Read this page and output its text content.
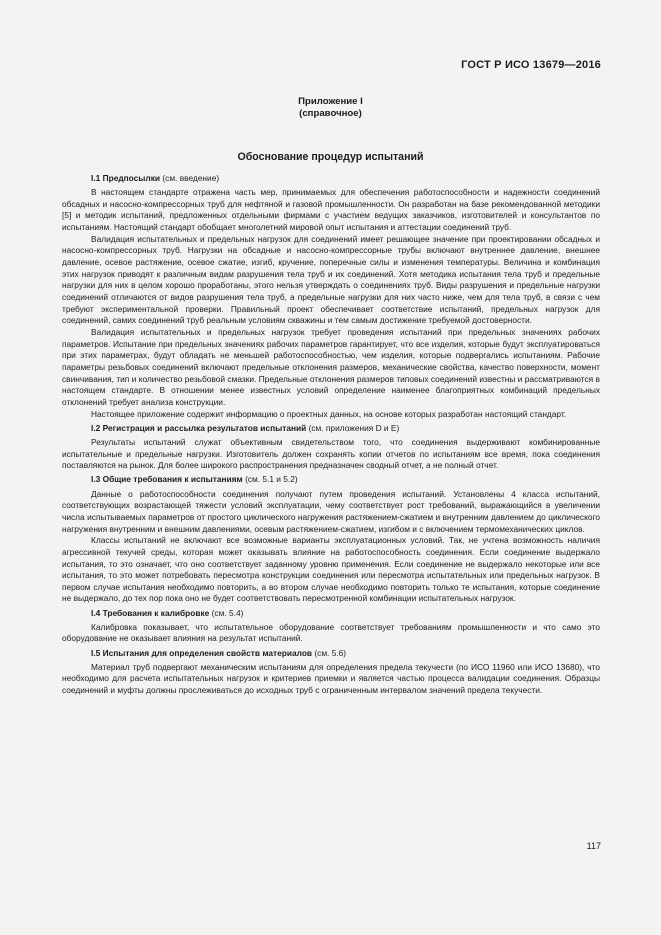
ГОСТ Р ИСО 13679—2016
Приложение I
(справочное)
Обоснование процедур испытаний
I.1 Предпосылки (см. введение)

В настоящем стандарте отражена часть мер, принимаемых для обеспечения работоспособности и надежности соединений обсадных и насосно-компрессорных труб для нефтяной и газовой промышленности. Он разработан на базе рекомендованной методики [5] и методик испытаний, предложенных отдельными фирмами с участием ведущих заказчиков, изготовителей и консультантов по испытаниям. Настоящий стандарт обобщает многолетний мировой опыт испытания и аттестации соединений труб.

Валидация испытательных и предельных нагрузок для соединений имеет решающее значение при проектировании обсадных и насосно-компрессорных труб. Нагрузки на обсадные и насосно-компрессорные трубы включают внутреннее давление, внешнее давление, осевое растяжение, осевое сжатие, изгиб, кручение, поперечные силы и изменения температуры. Величина и комбинация этих нагрузок приводят к различным видам разрушения тела труб и их соединений. Хотя методика испытания тела труб и предельные нагрузки для них в целом хорошо проработаны, этого нельзя утверждать о соединениях труб. Виды разрушения и предельные нагрузки соединений отличаются от видов разрушения тела труб, а предельные нагрузки для них часто ниже, чем для тела труб, в связи с чем требуют экспериментальной проверки. Правильный проект обеспечивает соответствие испытаний, предельных нагрузок для соединений, самих соединений труб реальным условиям скважины и тем самым достижение требуемой достоверности.

Валидация испытательных и предельных нагрузок требует проведения испытаний при предельных значениях рабочих параметров. Испытание при предельных значениях рабочих параметров гарантирует, что все изделия, которые будут эксплуатироваться при этих параметрах, будут обладать не меньшей работоспособностью, чем изделия, которые подвергались испытаниям. Рабочие параметры резьбовых соединений включают предельные отклонения размеров, механические свойства, качество поверхности, момент свинчивания, тип и количество резьбовой смазки. Предельные отклонения размеров типовых соединений известны и рассматриваются в настоящем стандарте. В отношении менее известных условий определение наименее благоприятных комбинаций предельных отклонений требует анализа конструкции.

Настоящее приложение содержит информацию о проектных данных, на основе которых разработан настоящий стандарт.

I.2 Регистрация и рассылка результатов испытаний (см. приложения D и E)

Результаты испытаний служат объективным свидетельством того, что соединения выдерживают комбинированные испытательные и предельные нагрузки. Изготовитель должен сохранять копии отчетов по испытаниям все время, пока соединения поставляются на рынок. Для более широкого распространения предназначен сводный отчет, а не полный отчет.

I.3 Общие требования к испытаниям (см. 5.1 и 5.2)

Данные о работоспособности соединения получают путем проведения испытаний. Установлены 4 класса испытаний, соответствующих возрастающей тяжести условий эксплуатации, чему соответствует рост требований, выражающийся в увеличении числа испытываемых параметров от простого циклического нагружения растяжением-сжатием и внутренним давлением до циклического нагружения внутренним и внешним давлениями, осевым растяжением-сжатием, изгибом и с включением термомеханических циклов.

Классы испытаний не включают все возможные варианты эксплуатационных условий. Так, не учтена возможность наличия агрессивной текучей среды, которая может оказывать влияние на работоспособность соединения. Если соединение выдержало испытания, то это означает, что оно соответствует заданному уровню применения. Если соединение не выдержало некоторые или все испытания, то это может потребовать пересмотра конструкции соединения или пересмотра испытательных или предельных нагрузок. В первом случае испытания необходимо повторить, а во втором случае необходимо повторить только те испытания, которые соединение не выдержало, до тех пор пока оно не будет соответствовать пересмотренной комбинации испытательных нагрузок.

I.4 Требования к калибровке (см. 5.4)

Калибровка показывает, что испытательное оборудование соответствует требованиям промышленности и что само это оборудование не оказывает влияния на результат испытаний.

I.5 Испытания для определения свойств материалов (см. 5.6)

Материал труб подвергают механическим испытаниям для определения предела текучести (по ИСО 11960 или ИСО 13680), что необходимо для расчета испытательных нагрузок и критериев приемки и является частью процесса валидации соединения. Образцы соединений и муфты должны прослеживаться до исходных труб с ограниченным интервалом значений предела текучести.

117
